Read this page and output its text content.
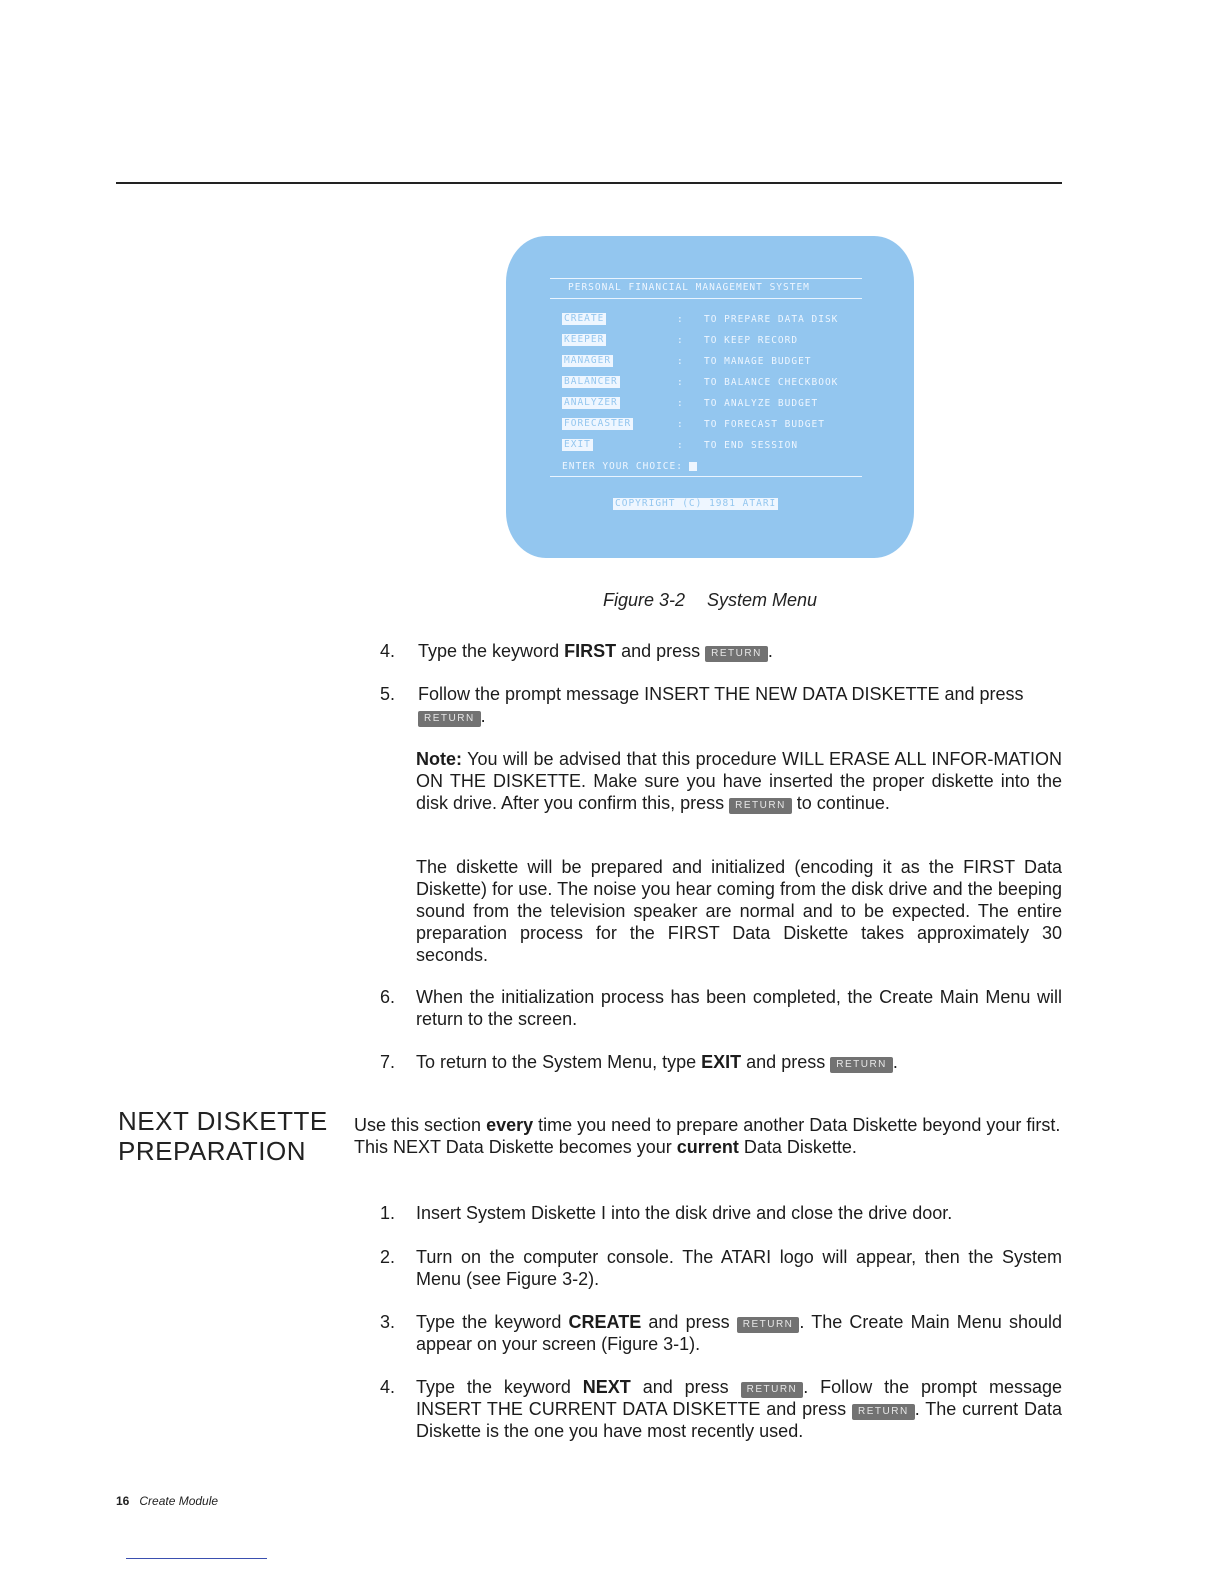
PERSONAL FINANCIAL MANAGEMENT SYSTEM
CREATE	: TO PREPARE DATA DISK
KEEPER	: TO KEEP RECORD
MANAGER	: TO MANAGE BUDGET
BALANCER	: TO BALANCE CHECKBOOK
ANALYZER	: TO ANALYZE BUDGET
FORECASTER	: TO FORECAST BUDGET
EXIT	: TO END SESSION
ENTER YOUR CHOICE:
COPYRIGHT (C) 1981 ATARI
Figure 3-2 System Menu
4.	Type the keyword FIRST and press RETURN .
5.	Follow the prompt message INSERT THE NEW DATA DISKETTE and press
RETURN .
Note: You will be advised that this procedure WILL ERASE ALL INFOR-MATION ON THE DISKETTE. Make sure you have inserted the proper diskette into the disk drive. After you confirm this, press RETURN to continue.
The diskette will be prepared and initialized (encoding it as the FIRST Data Diskette) for use. The noise you hear coming from the disk drive and the beeping sound from the television speaker are normal and to be expected. The entire preparation process for the FIRST Data Diskette takes approximately 30 seconds.
6.	When the initialization process has been completed, the Create Main Menu will return to the screen.
7.	To return to the System Menu, type EXIT and press RETURN .
NEXT DISKETTE
PREPARATION
Use this section every time you need to prepare another Data Diskette beyond your first. This NEXT Data Diskette becomes your current Data Diskette.
1.	Insert System Diskette I into the disk drive and close the drive door.
2.	Turn on the computer console. The ATARI logo will appear, then the System Menu (see Figure 3-2).
3.	Type the keyword CREATE and press RETURN . The Create Main Menu should appear on your screen (Figure 3-1).
4.	Type the keyword NEXT and press RETURN . Follow the prompt message INSERT THE CURRENT DATA DISKETTE and press RETURN . The current Data Diskette is the one you have most recently used.
16 Create Module
